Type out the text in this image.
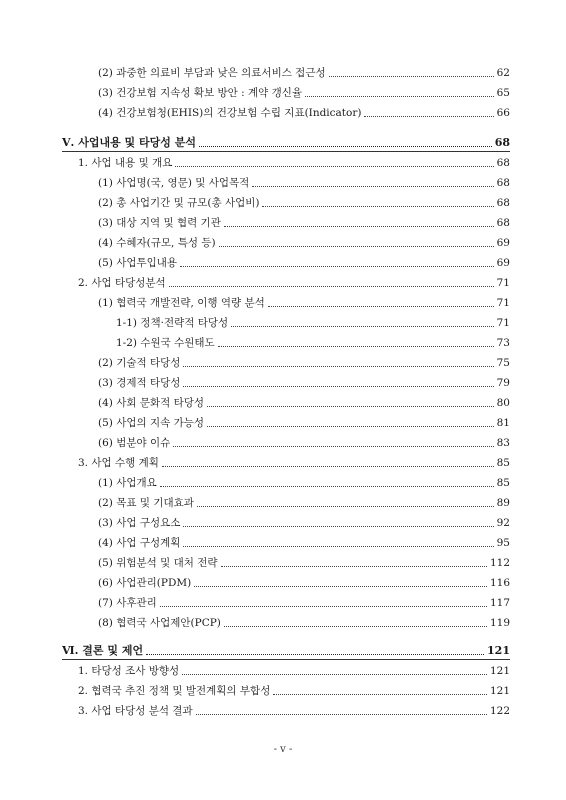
(2) 과중한 의료비 부담과 낮은 의료서비스 접근성	62
(3) 건강보험 지속성 확보 방안 : 계약 갱신율	65
(4) 건강보험청(EHIS)의 건강보험 수립 지표(Indicator)	66
Ⅴ. 사업내용 및 타당성 분석	68
1. 사업 내용 및 개요	68
(1) 사업명(국, 영문) 및 사업목적	68
(2) 총 사업기간 및 규모(총 사업비)	68
(3) 대상 지역 및 협력 기관	68
(4) 수혜자(규모, 특성 등)	69
(5) 사업투입내용	69
2. 사업 타당성분석	71
(1) 협력국 개발전략, 이행 역량 분석	71
1-1) 정책·전략적 타당성	71
1-2) 수원국 수원태도	73
(2) 기술적 타당성	75
(3) 경제적 타당성	79
(4) 사회 문화적 타당성	80
(5) 사업의 지속 가능성	81
(6) 범분야 이슈	83
3. 사업 수행 계획	85
(1) 사업개요	85
(2) 목표 및 기대효과	89
(3) 사업 구성요소	92
(4) 사업 구성계획	95
(5) 위험분석 및 대처 전략	112
(6) 사업관리(PDM)	116
(7) 사후관리	117
(8) 협력국 사업제안(PCP)	119
Ⅵ. 결론 및 제언	121
1. 타당성 조사 방향성	121
2. 협력국 추진 정책 및 발전계획의 부합성	121
3. 사업 타당성 분석 결과	122
- v -
